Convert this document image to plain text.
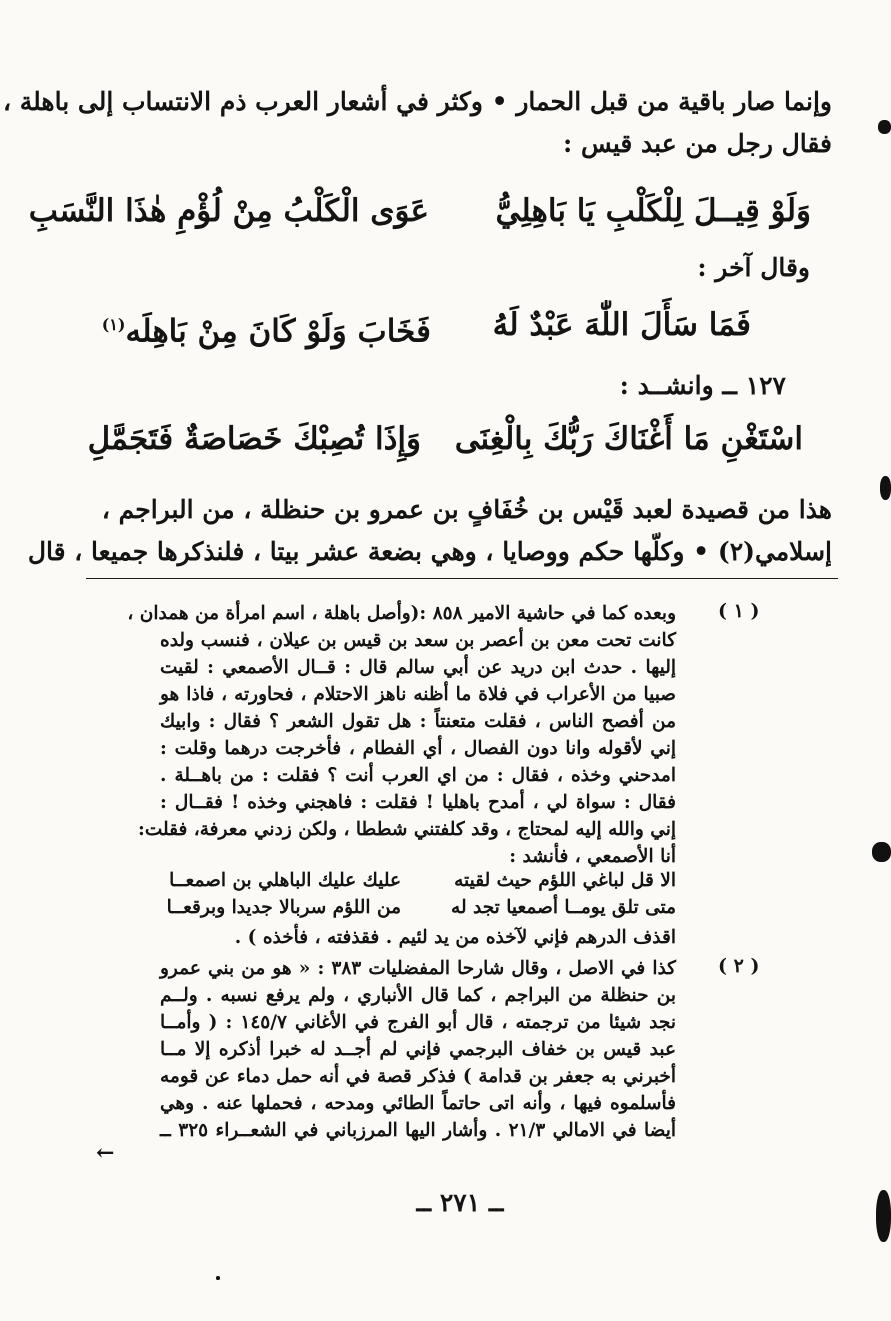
وإنما صار باقية من قبل الحمار • وكثر في أشعار العرب ذم الانتساب إلى باهلة ،
فقال رجل من عبد قيس :
وَلَوْ قِيــلَ لِلْكَلْبِ يَا بَاهِلِيُّ
عَوَى الْكَلْبُ مِنْ لُؤْمِ هٰذَا النَّسَبِ
وقال آخر :
فَمَا سَأَلَ اللّٰهَ عَبْدٌ لَهُ
فَخَابَ وَلَوْ كَانَ مِنْ بَاهِلَه$^{(١)}$
١٢٧ ــ وانشــد :
اسْتَغْنِ مَا أَغْنَاكَ رَبُّكَ بِالْغِنَى
وَإِذَا تُصِبْكَ خَصَاصَةٌ فَتَجَمَّلِ
هذا من قصيدة لعبد قَيْس بن خُفَافٍ بن عمرو بن حنظلة ، من البراجم ،
إسلامي(٢) • وكلّها حكم ووصايا ، وهي بضعة عشر بيتا ، فلنذكرها جميعا ، قال
( ١ )
وبعده كما في حاشية الامير ٨٥٨ :(وأصل باهلة ، اسم امرأة من همدان ،
كانت تحت معن بن أعصر بن سعد بن قيس بن عيلان ، فنسب ولده
إليها . حدث ابن دريد عن أبي سالم قال : قــال الأصمعي : لقيت
صبيا من الأعراب في فلاة ما أظنه ناهز الاحتلام ، فحاورته ، فاذا هو
من أفصح الناس ، فقلت متعنتاً : هل تقول الشعر ؟ فقال : وابيك
إني لأقوله وانا دون الفصال ، أي الفطام ، فأخرجت درهما وقلت :
امدحني وخذه ، فقال : من اي العرب أنت ؟ فقلت : من باهــلة .
فقال : سواة لي ، أمدح باهليا ! فقلت : فاهجني وخذه ! فقــال :
إني والله إليه لمحتاج ، وقد كلفتني شططا ، ولكن زدني معرفة، فقلت:
أنا الأصمعي ، فأنشد :
الا قل لباغي اللؤم حيث لقيته
عليك عليك الباهلي بن اصمعــا
متى تلق يومــا أصمعيا تجد له
من اللؤم سربالا جديدا وبرقعــا
اقذف الدرهم فإني لآخذه من يد لئيم . فقذفته ، فأخذه ) .
( ٢ )
كذا في الاصل ، وقال شارحا المفضليات ٣٨٣ : « هو من بني عمرو
بن حنظلة من البراجم ، كما قال الأنباري ، ولم يرفع نسبه . ولــم
نجد شيئا من ترجمته ، قال أبو الفرج في الأغاني ١٤٥/٧ : ( وأمــا
عبد قيس بن خفاف البرجمي فإني لم أجــد له خبرا أذكره إلا مــا
أخبرني به جعفر بن قدامة ) فذكر قصة في أنه حمل دماء عن قومه
فأسلموه فيها ، وأنه اتى حاتماً الطائي ومدحه ، فحملها عنه . وهي
أيضا في الامالي ٢١/٣ . وأشار اليها المرزباني في الشعــراء ٣٢٥ ــ
←
ــ ٢٧١ ــ
